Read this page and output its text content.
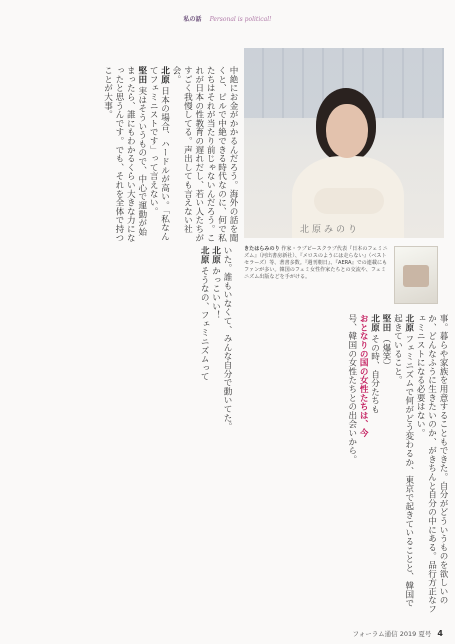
私の話 Personal is political!
北原みのり
中絶にお金がかかるんだろう。海外の話を聞くと、ピルで中絶できる時代なのに、何で私たちはそれが当たり前じゃないんだろう。これが日本の性教育の遅れだし、若い人たちがすごく我慢してる。声出しても言えない社会。
北原 日本の場合、ハードルが高い。「私なんてフェミニストです」って言えない。
堅田 実はそういうもので、中心で運動が始まったら、誰にもわかるくらい大きな力になったと思うんです。でも、それを全体で持つことが大事。
いた。誰もいなくて、みんな自分で動いてた。
北原 かっこいい！
北原 そうなの、フェミニズムって
きたはらみのり 作家・ラブピースクラブ代表『日本のフェミニズム』（河出書房新社）、『メロスのようには走らない』（ベストセラーズ）等、著書多数。『週刊朝日』、『AERA』での連載にもファンが多い。韓国のフェミ女性作家たちとの交流や、フェミニズム出版などを手がける。
事。暮らや家族を用意することもできた。自分がどういうものを欲しいのか、どんなふうに生きたいのか、がきちんと自分の中にある。品行方正なフェミニストになる必要はない。
北原 フェミニズムで何がどう変わるか、東京で起きていることと、韓国で起きていること。
堅田 （爆笑）
北原 その時、自分たちも
おとなりの国の女性たちは、今
号、韓国の女性たちとの出会いから。
フォーラム通信 2019 夏号 4
